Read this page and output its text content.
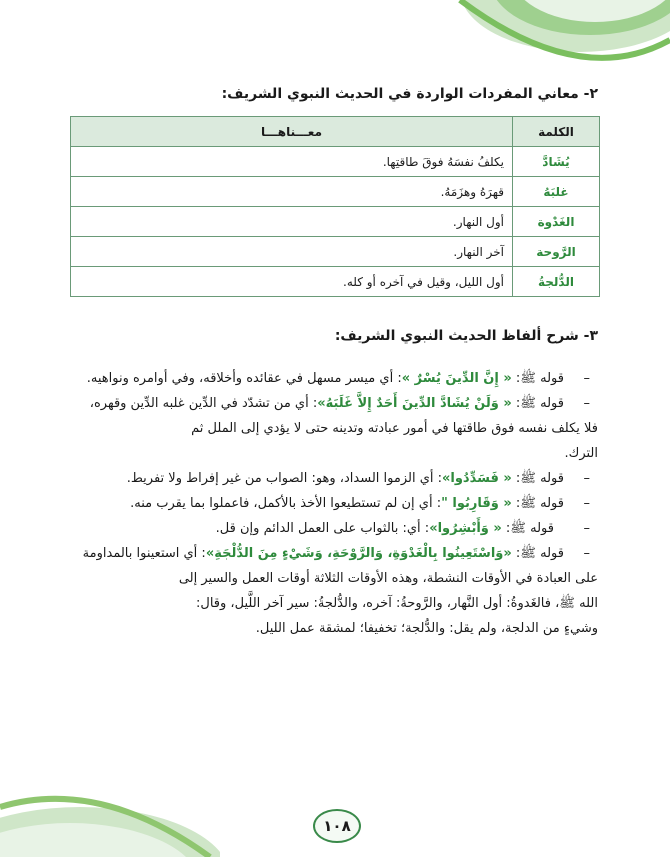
٢- معاني المفردات الواردة في الحديث النبوي الشريف:
الكلمة	معـــناهـــا
يُشَادَّ	يكلفُ نفسَهُ فوقَ طاقتِها.
غلبَهُ	قهرَهُ وهزَمَهُ.
الغَدْوة	أول النهار.
الرَّوحة	آخر النهار.
الدُّلجةُ	أول الليل، وقيل في آخره أو كله.
٣- شرح ألفاظ الحديث النبوي الشريف:
– قوله ﷺ: « إِنَّ الدِّينَ يُسْرٌ »: أي ميسر مسهل في عقائده وأخلاقه، وفي أوامره ونواهيه.
– قوله ﷺ: « وَلَنْ يُشَادَّ الدِّينَ أَحَدٌ إِلاَّ غَلَبَهُ»: أي من تشدّد في الدِّين غلبه الدِّين وقهره،
فلا يكلف نفسه فوق طاقتها في أمور عبادته وتدينه حتى لا يؤدي إلى الملل ثم
الترك.
– قوله ﷺ: « فَسَدِّدُوا»: أي الزموا السداد، وهو: الصواب من غير إفراط ولا تفريط.
– قوله ﷺ: « وَقَارِبُوا ": أي إن لم تستطيعوا الأخذ بالأكمل، فاعملوا بما يقرب منه.
– قوله ﷺ: « وَأَبْشِرُوا»: أي: بالثواب على العمل الدائم وإن قل.
– قوله ﷺ: «وَاسْتَعِينُوا بِالْغَدْوَةِ، وَالرَّوْحَةِ، وَشَيْءٍ مِنَ الدُّلْجَةِ»: أي استعينوا بالمداومة
على العبادة في الأوقات النشطة، وهذه الأوقات الثلاثة أوقات العمل والسير إلى
الله ﷺ، فالغَدوةُ: أول النَّهار، والرَّوحةُ: آخره، والدُّلجةُ: سير آخر اللَّيل، وقال:
وشيءٍ من الدلجة، ولم يقل: والدُّلجة؛ تخفيفا؛ لمشقة عمل الليل.
١٠٨
